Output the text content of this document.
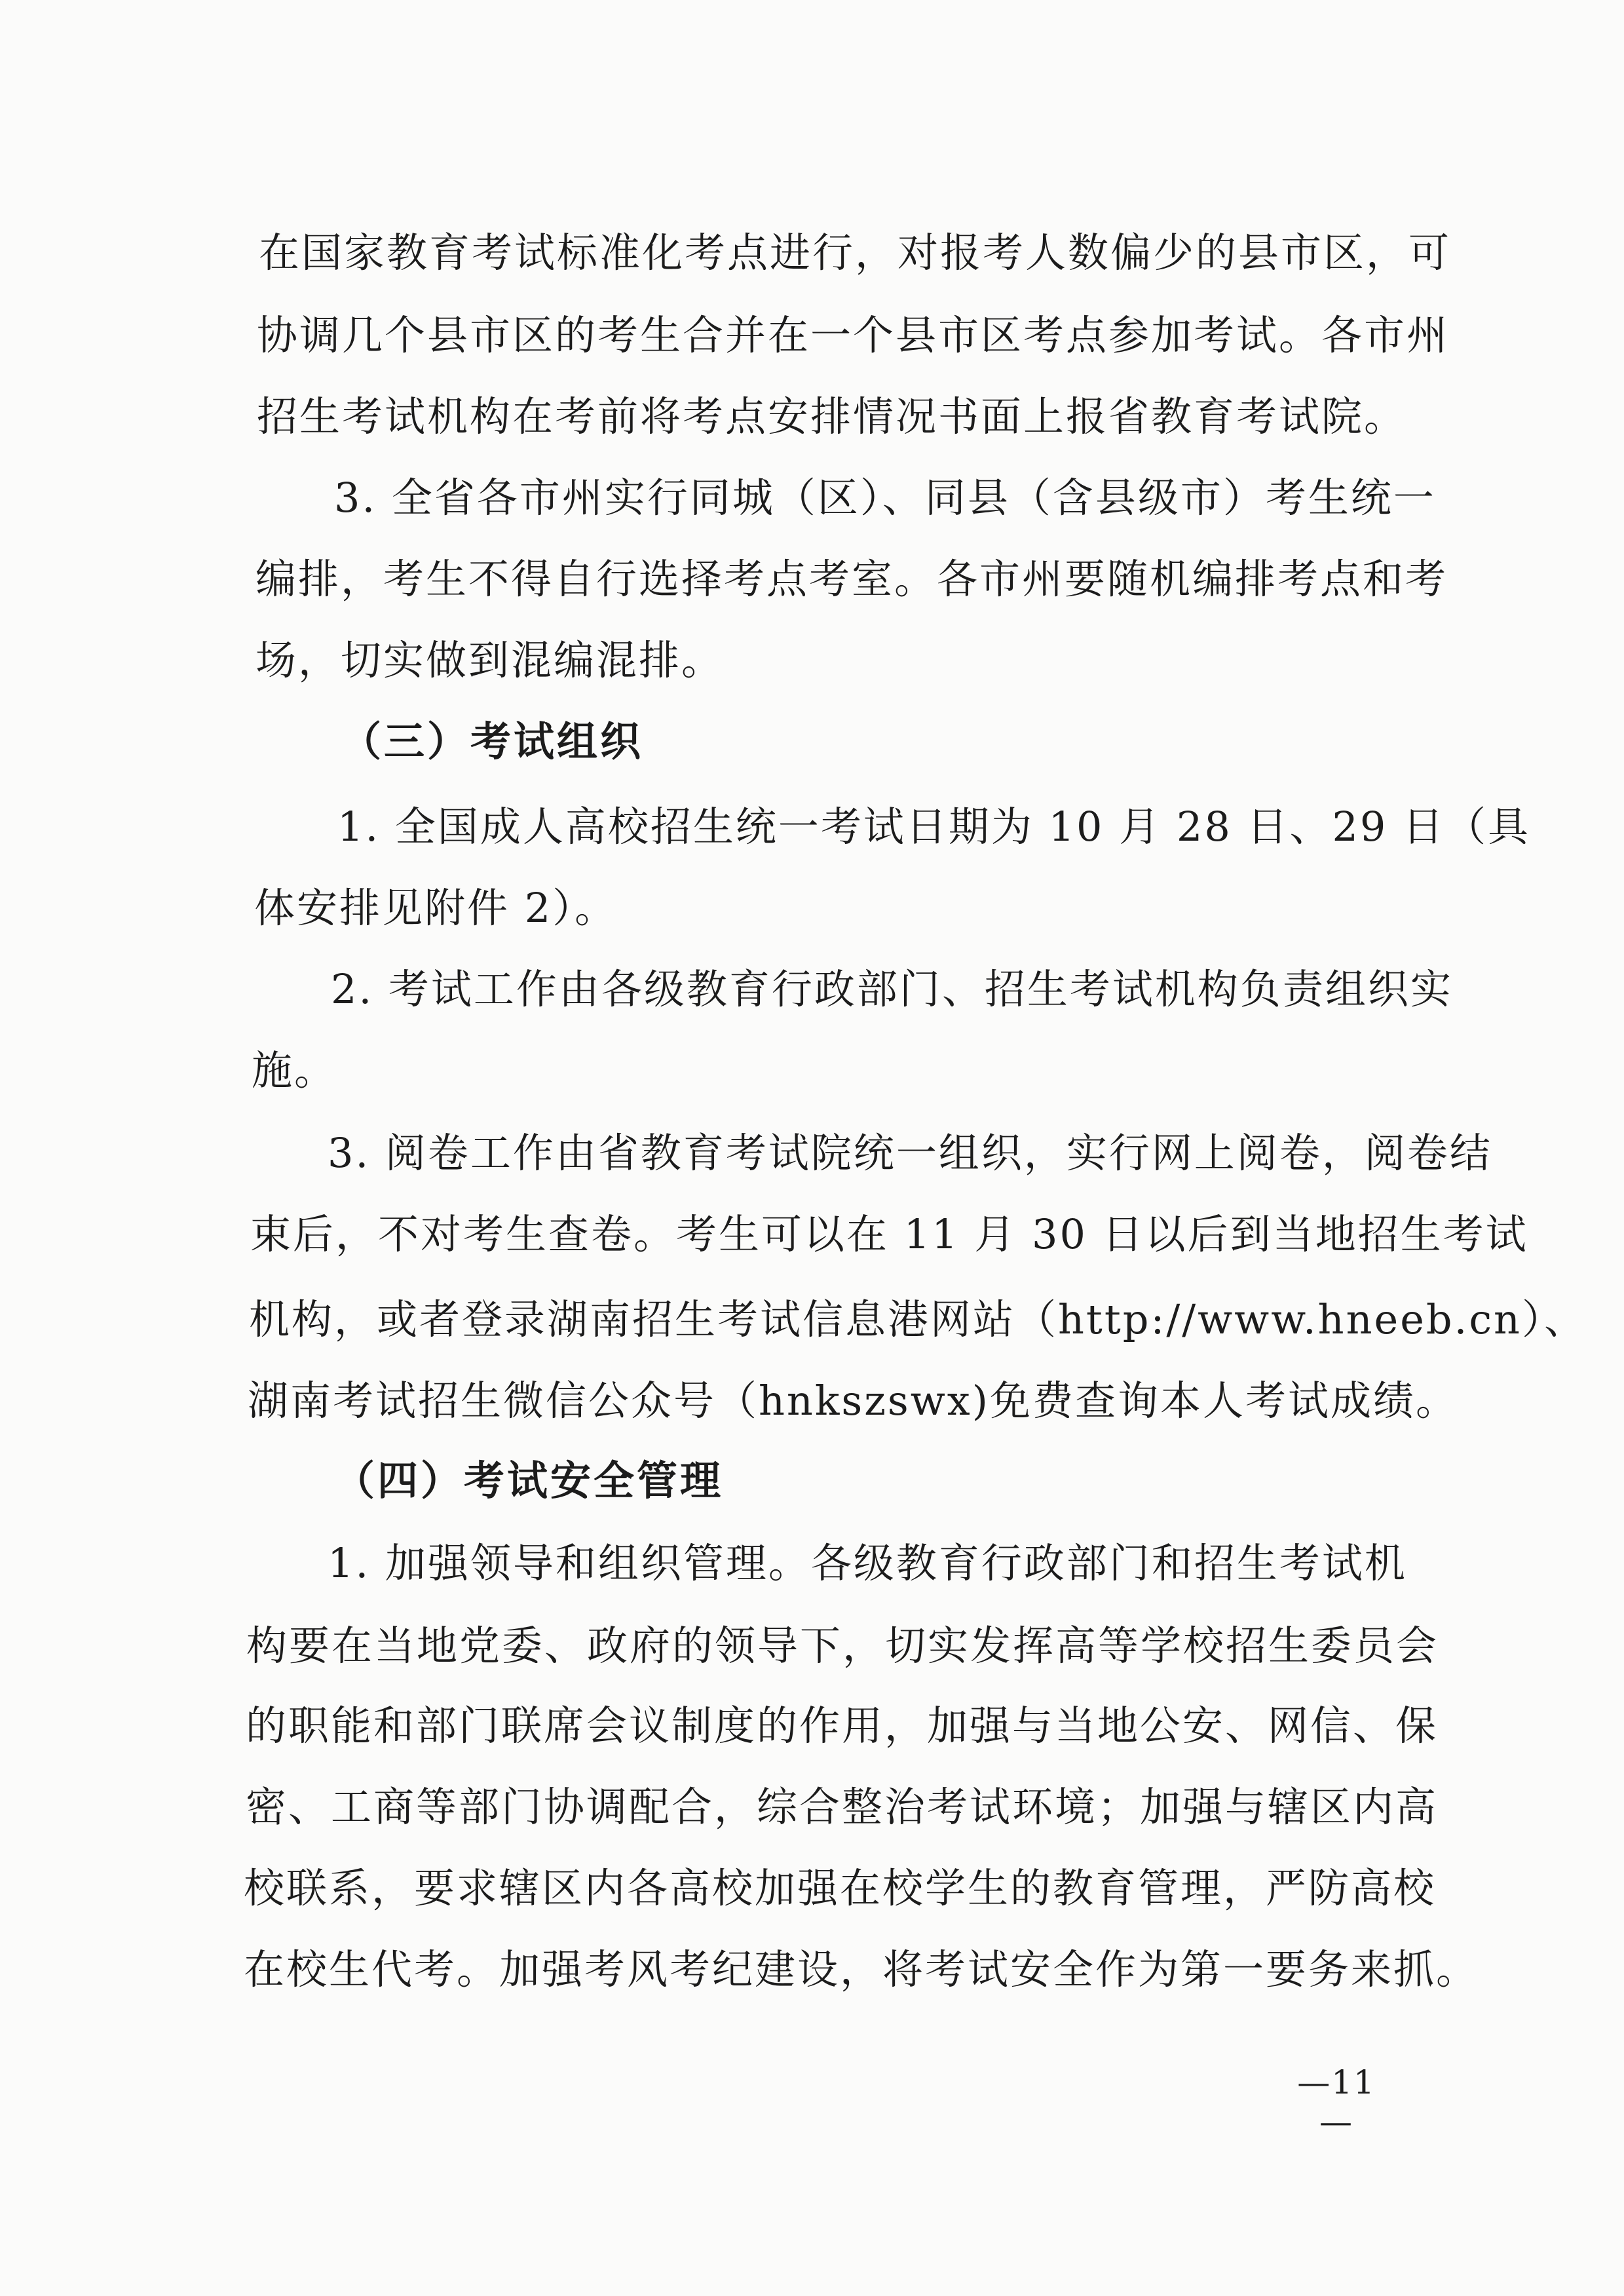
在国家教育考试标准化考点进行，对报考人数偏少的县市区，可
协调几个县市区的考生合并在一个县市区考点参加考试。各市州
招生考试机构在考前将考点安排情况书面上报省教育考试院。
3. 全省各市州实行同城（区）、同县（含县级市）考生统一
编排，考生不得自行选择考点考室。各市州要随机编排考点和考
场，切实做到混编混排。
（三）考试组织
1. 全国成人高校招生统一考试日期为 10 月 28 日、29 日（具
体安排见附件 2）。
2. 考试工作由各级教育行政部门、招生考试机构负责组织实
施。
3. 阅卷工作由省教育考试院统一组织，实行网上阅卷，阅卷结
束后，不对考生查卷。考生可以在 11 月 30 日以后到当地招生考试
机构，或者登录湖南招生考试信息港网站（http://www.hneeb.cn）、
湖南考试招生微信公众号（hnkszswx)免费查询本人考试成绩。
（四）考试安全管理
1. 加强领导和组织管理。各级教育行政部门和招生考试机
构要在当地党委、政府的领导下，切实发挥高等学校招生委员会
的职能和部门联席会议制度的作用，加强与当地公安、网信、保
密、工商等部门协调配合，综合整治考试环境；加强与辖区内高
校联系，要求辖区内各高校加强在校学生的教育管理，严防高校
在校生代考。加强考风考纪建设，将考试安全作为第一要务来抓。
—11—
